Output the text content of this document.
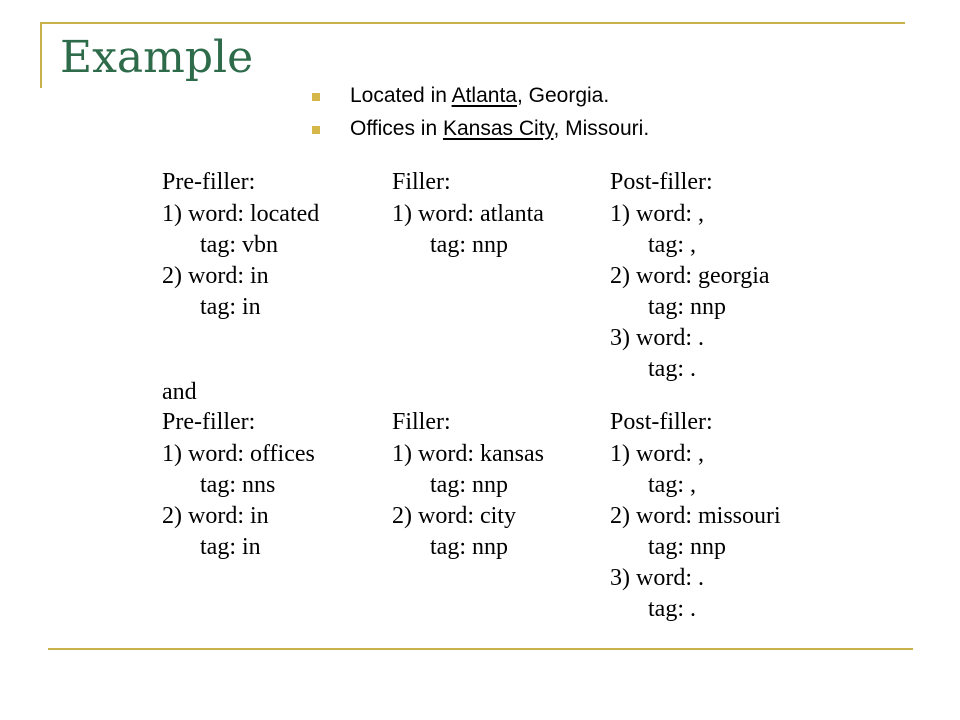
Example
Located in Atlanta, Georgia.
Offices in Kansas City, Missouri.
Pre-filler:
1) word: located
tag: vbn
2) word: in
tag: in
Filler:
1) word: atlanta
tag: nnp
Post-filler:
1) word: ,
tag: ,
2) word: georgia
tag: nnp
3) word: .
tag: .
and
Pre-filler:
1) word: offices
tag: nns
2) word: in
tag: in
Filler:
1) word: kansas
tag: nnp
2) word: city
tag: nnp
Post-filler:
1) word: ,
tag: ,
2) word: missouri
tag: nnp
3) word: .
tag: .
